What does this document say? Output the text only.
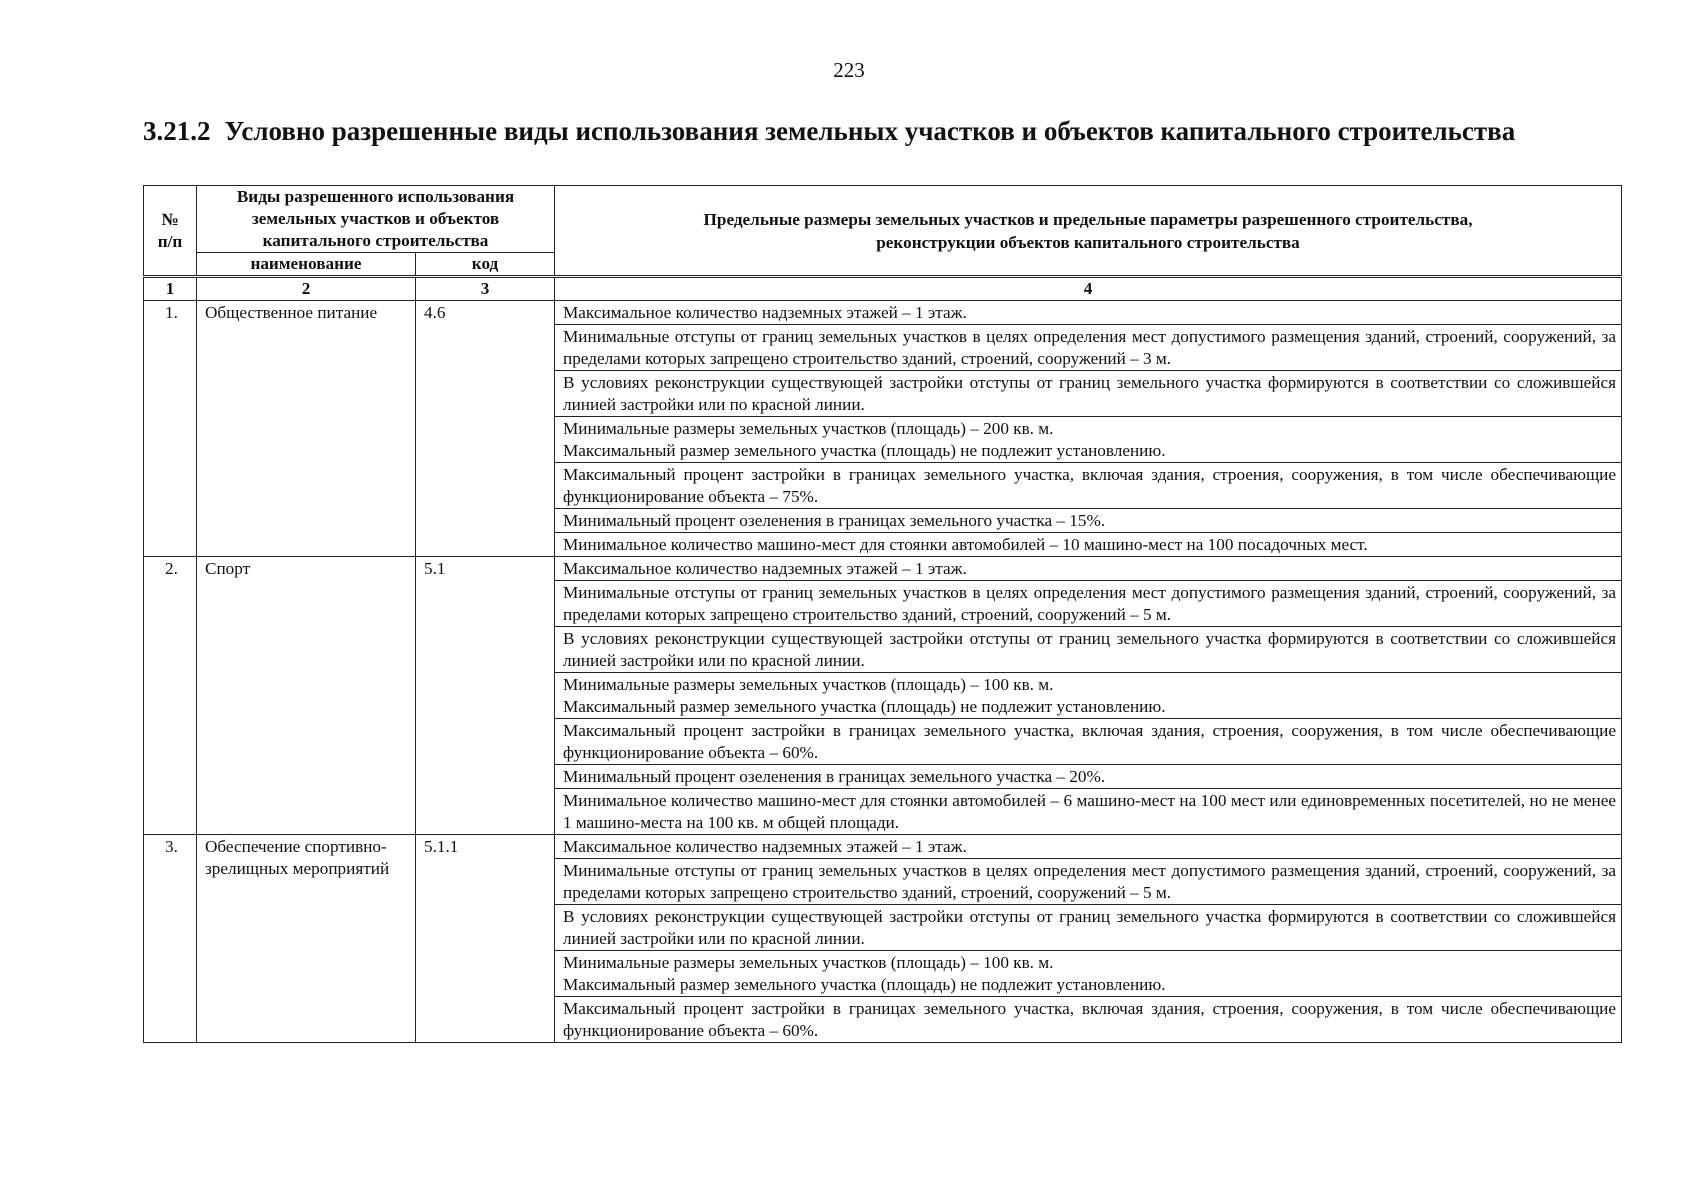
223
3.21.2 Условно разрешенные виды использования земельных участков и объектов капитального строительства
№
п/п	Виды разрешенного использования
земельных участков и объектов
капитального строительства		Предельные размеры земельных участков и предельные параметры разрешенного строительства,
реконструкции объектов капитального строительства

	наименование	код	
1	2	3	4
1.	Общественное питание	4.6	Максимальное количество надземных этажей – 1 этаж.

			Минимальные отступы от границ земельных участков в целях определения мест допустимого размещения зданий, строений, сооружений, за пределами которых запрещено строительство зданий, строений, сооружений – 3 м.

			В условиях реконструкции существующей застройки отступы от границ земельного участка формируются в соответствии со сложившейся линией застройки или по красной линии.

			Минимальные размеры земельных участков (площадь) – 200 кв. м.
Максимальный размер земельного участка (площадь) не подлежит установлению.

			Максимальный процент застройки в границах земельного участка, включая здания, строения, сооружения, в том числе обеспечивающие функционирование объекта – 75%.

			Минимальный процент озеленения в границах земельного участка – 15%.

			Минимальное количество машино-мест для стоянки автомобилей – 10 машино-мест на 100 посадочных мест.

2.	Спорт	5.1	Максимальное количество надземных этажей – 1 этаж.

			Минимальные отступы от границ земельных участков в целях определения мест допустимого размещения зданий, строений, сооружений, за пределами которых запрещено строительство зданий, строений, сооружений – 5 м.

			В условиях реконструкции существующей застройки отступы от границ земельного участка формируются в соответствии со сложившейся линией застройки или по красной линии.

			Минимальные размеры земельных участков (площадь) – 100 кв. м.
Максимальный размер земельного участка (площадь) не подлежит установлению.

			Максимальный процент застройки в границах земельного участка, включая здания, строения, сооружения, в том числе обеспечивающие функционирование объекта – 60%.

			Минимальный процент озеленения в границах земельного участка – 20%.

			Минимальное количество машино-мест для стоянки автомобилей – 6 машино-мест на 100 мест или единовременных посетителей, но не менее 1 машино-места на 100 кв. м общей площади.

3.	Обеспечение спортивно-зрелищных мероприятий	5.1.1	Максимальное количество надземных этажей – 1 этаж.

			Минимальные отступы от границ земельных участков в целях определения мест допустимого размещения зданий, строений, сооружений, за пределами которых запрещено строительство зданий, строений, сооружений – 5 м.

			В условиях реконструкции существующей застройки отступы от границ земельного участка формируются в соответствии со сложившейся линией застройки или по красной линии.

			Минимальные размеры земельных участков (площадь) – 100 кв. м.
Максимальный размер земельного участка (площадь) не подлежит установлению.

			Максимальный процент застройки в границах земельного участка, включая здания, строения, сооружения, в том числе обеспечивающие функционирование объекта – 60%.
